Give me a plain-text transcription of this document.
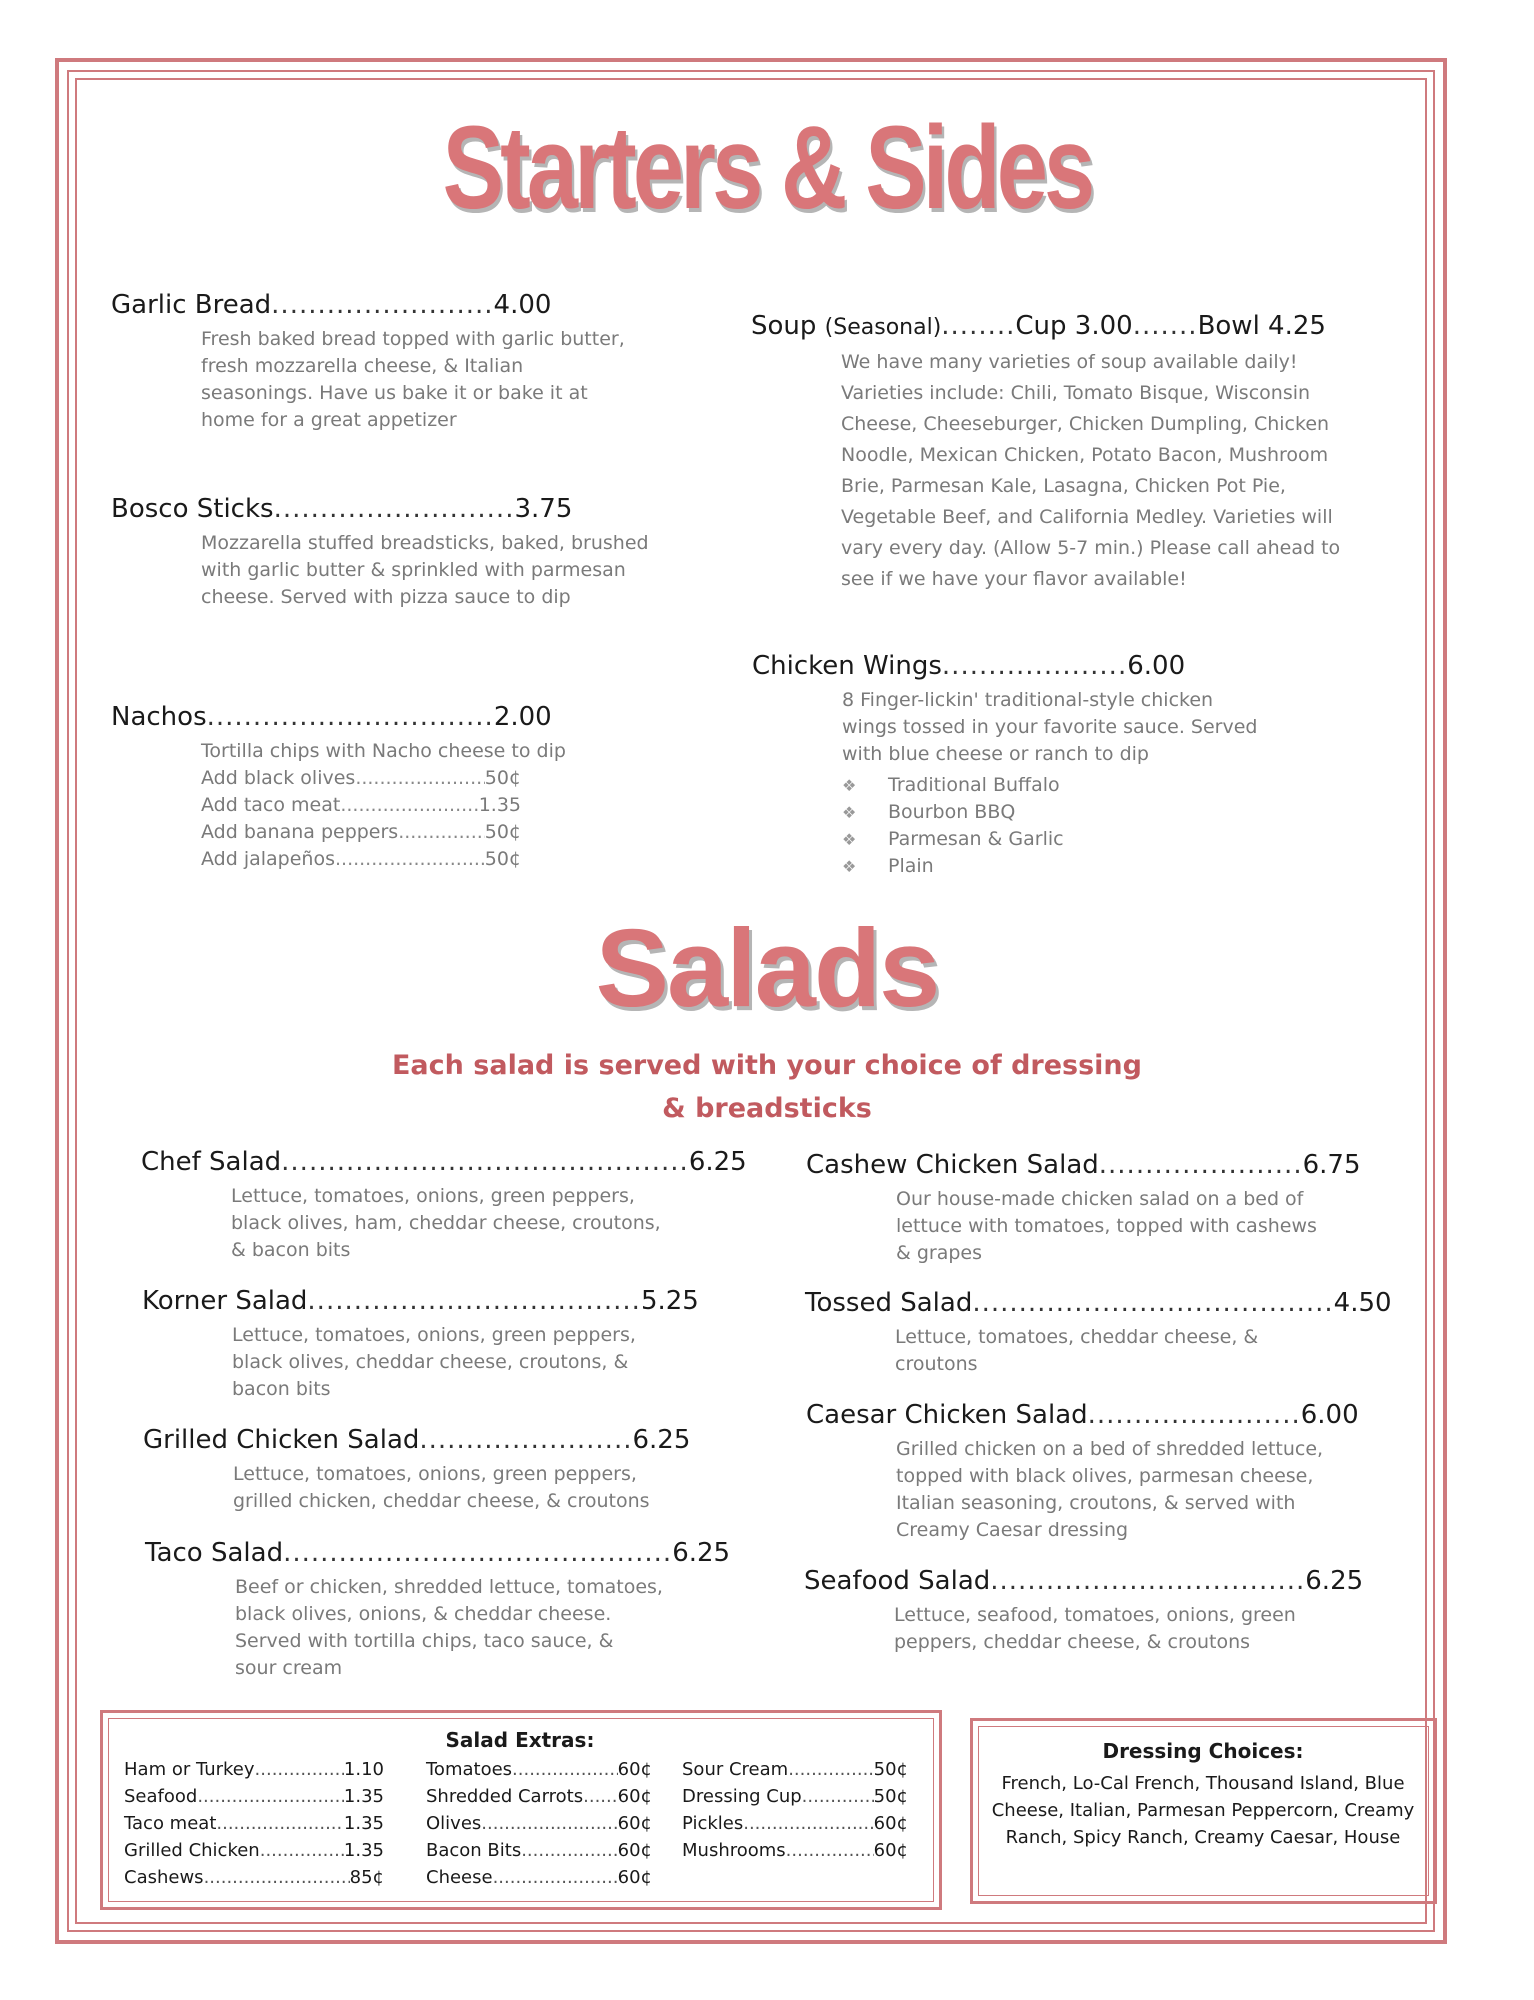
Starters & Sides
Garlic Bread........................4.00
Fresh baked bread topped with garlic butter,
fresh mozzarella cheese, & Italian
seasonings. Have us bake it or bake it at
home for a great appetizer
Bosco Sticks..........................3.75
Mozzarella stuffed breadsticks, baked, brushed
with garlic butter & sprinkled with parmesan
cheese. Served with pizza sauce to dip
Nachos...............................2.00
Tortilla chips with Nacho cheese to dip
Add black olives .....	50¢
Add taco meat .....	1.35
Add banana peppers .....	50¢
Add jalapeños .....	50¢
Soup (Seasonal)........Cup 3.00.......Bowl 4.25
We have many varieties of soup available daily!
Varieties include: Chili, Tomato Bisque, Wisconsin
Cheese, Cheeseburger, Chicken Dumpling, Chicken
Noodle, Mexican Chicken, Potato Bacon, Mushroom
Brie, Parmesan Kale, Lasagna, Chicken Pot Pie,
Vegetable Beef, and California Medley. Varieties will
vary every day. (Allow 5-7 min.) Please call ahead to
see if we have your flavor available!
Chicken Wings....................6.00
8 Finger-lickin' traditional-style chicken
wings tossed in your favorite sauce. Served
with blue cheese or ranch to dip
❖	Traditional Buffalo
❖	Bourbon BBQ
❖	Parmesan & Garlic
❖	Plain
Salads
Each salad is served with your choice of dressing
& breadsticks
Chef Salad............................................6.25
Lettuce, tomatoes, onions, green peppers,
black olives, ham, cheddar cheese, croutons,
& bacon bits
Korner Salad....................................5.25
Lettuce, tomatoes, onions, green peppers,
black olives, cheddar cheese, croutons, &
bacon bits
Grilled Chicken Salad.......................6.25
Lettuce, tomatoes, onions, green peppers,
grilled chicken, cheddar cheese, & croutons
Taco Salad..........................................6.25
Beef or chicken, shredded lettuce, tomatoes,
black olives, onions, & cheddar cheese.
Served with tortilla chips, taco sauce, &
sour cream
Cashew Chicken Salad......................6.75
Our house-made chicken salad on a bed of
lettuce with tomatoes, topped with cashews
& grapes
Tossed Salad.......................................4.50
Lettuce, tomatoes, cheddar cheese, &
croutons
Caesar Chicken Salad.......................6.00
Grilled chicken on a bed of shredded lettuce,
topped with black olives, parmesan cheese,
Italian seasoning, croutons, & served with
Creamy Caesar dressing
Seafood Salad..................................6.25
Lettuce, seafood, tomatoes, onions, green
peppers, cheddar cheese, & croutons
Salad Extras:
Ham or Turkey .....	1.10
Seafood .....	1.35
Taco meat .....	1.35
Grilled Chicken .....	1.35
Cashews .....	85¢
Tomatoes .....	60¢
Shredded Carrots ..... 60¢
Olives .....	60¢
Bacon Bits .....	60¢
Cheese .....	60¢
Sour Cream .....	50¢
Dressing Cup .....	50¢
Pickles .....	60¢
Mushrooms .....	60¢
Dressing Choices:
French, Lo-Cal French, Thousand Island, Blue Cheese, Italian, Parmesan Peppercorn, Creamy Ranch, Spicy Ranch, Creamy Caesar, House
